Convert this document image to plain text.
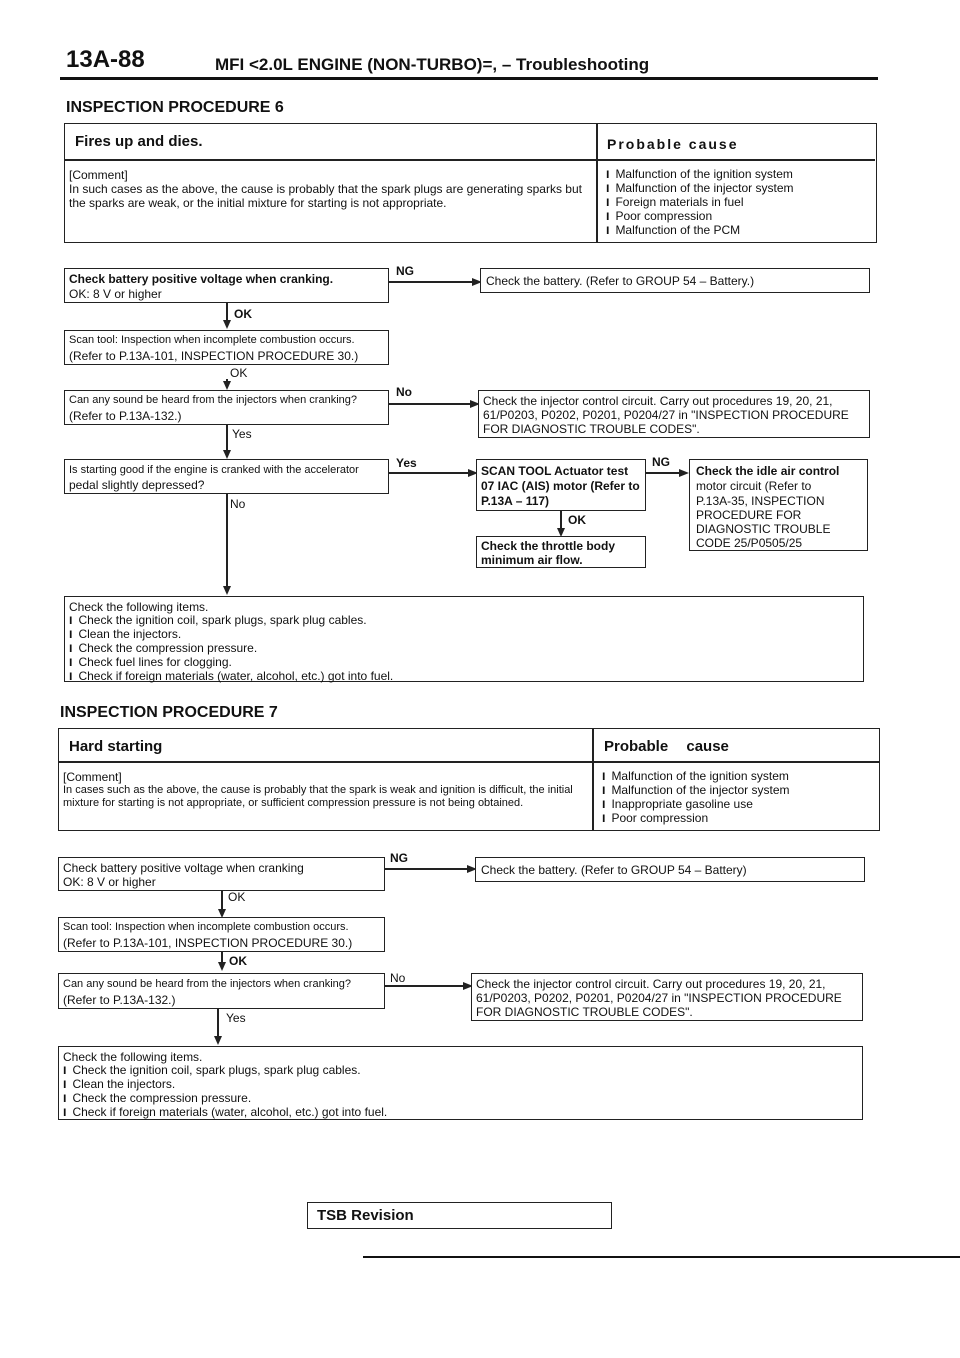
13A-88	MFI <2.0L ENGINE (NON-TURBO)=, – Troubleshooting
INSPECTION PROCEDURE 6
Fires up and dies.	Probable cause
[Comment]
In such cases as the above, the cause is probably that the spark plugs are generating sparks but the sparks are weak, or the initial mixture for starting is not appropriate.
l Malfunction of the ignition system
l Malfunction of the injector system
l Foreign materials in fuel
l Poor compression
l Malfunction of the PCM
Check battery positive voltage when cranking.
OK: 8 V or higher
NG
Check the battery. (Refer to GROUP 54 – Battery.)
OK
Scan tool: Inspection when incomplete combustion occurs.
(Refer to P.13A-101, INSPECTION PROCEDURE 30.)
OK
Can any sound be heard from the injectors when cranking?
(Refer to P.13A-132.)
No
Check the injector control circuit. Carry out procedures 19, 20, 21,
61/P0203, P0202, P0201, P0204/27 in "INSPECTION PROCEDURE
FOR DIAGNOSTIC TROUBLE CODES".
Yes
Is starting good if the engine is cranked with the accelerator
pedal slightly depressed?
Yes
SCAN TOOL Actuator test
07 IAC (AIS) motor (Refer to
P.13A – 117)
NG
Check the idle air control
motor circuit (Refer to
P.13A-35, INSPECTION
PROCEDURE FOR
DIAGNOSTIC TROUBLE
CODE 25/P0505/25
OK
Check the throttle body
minimum air flow.
No
Check the following items.
l Check the ignition coil, spark plugs, spark plug cables.
l Clean the injectors.
l Check the compression pressure.
l Check fuel lines for clogging.
l Check if foreign materials (water, alcohol, etc.) got into fuel.
INSPECTION PROCEDURE 7
Hard starting	Probable cause
[Comment]
In cases such as the above, the cause is probably that the spark is weak and ignition is difficult, the initial mixture for starting is not appropriate, or sufficient compression pressure is not being obtained.
l Malfunction of the ignition system
l Malfunction of the injector system
l Inappropriate gasoline use
l Poor compression
Check battery positive voltage when cranking
OK: 8 V or higher
NG
Check the battery. (Refer to GROUP 54 – Battery)
OK
Scan tool: Inspection when incomplete combustion occurs.
(Refer to P.13A-101, INSPECTION PROCEDURE 30.)
OK
Can any sound be heard from the injectors when cranking?
(Refer to P.13A-132.)
No	Check the injector control circuit. Carry out procedures 19, 20, 21,
61/P0203, P0202, P0201, P0204/27 in "INSPECTION PROCEDURE
FOR DIAGNOSTIC TROUBLE CODES".
Yes
Check the following items.
l Check the ignition coil, spark plugs, spark plug cables.
l Clean the injectors.
l Check the compression pressure.
l Check if foreign materials (water, alcohol, etc.) got into fuel.
TSB Revision
